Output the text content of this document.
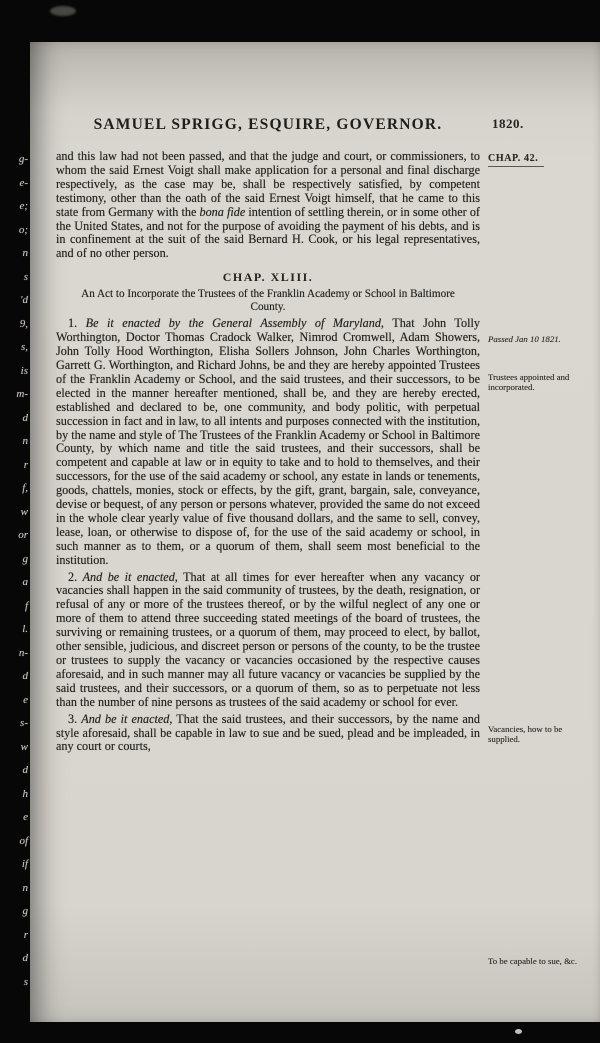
g-
e-
e;
o;
n
s
'd
9,
s,
is
m-
d
n
r
f,
w
or
g
a
f
l.
n-
d
e
s-
w
d
h
e
of
if
n
g
r
d
s
SAMUEL SPRIGG, ESQUIRE, GOVERNOR.	1820.

and this law had not been passed, and that the judge and court, or commissioners, to whom the said Ernest Voigt shall make application for a personal and final discharge respectively, as the case may be, shall be respectively satisfied, by competent testimony, other than the oath of the said Ernest Voigt himself, that he came to this state from Germany with the bona fide intention of settling therein, or in some other of the United States, and not for the purpose of avoiding the payment of his debts, and is in confinement at the suit of the said Bernard H. Cook, or his legal representatives, and of no other person.

CHAP. XLIII.
An Act to Incorporate the Trustees of the Franklin Academy or School in Baltimore County.

1. Be it enacted by the General Assembly of Maryland, That John Tolly Worthington, Doctor Thomas Cradock Walker, Nimrod Cromwell, Adam Showers, John Tolly Hood Worthington, Elisha Sollers Johnson, John Charles Worthington, Garrett G. Worthington, and Richard Johns, be and they are hereby appointed Trustees of the Franklin Academy or School, and the said trustees, and their successors, to be elected in the manner hereafter mentioned, shall be, and they are hereby erected, established and declared to be, one community, and body politic, with perpetual succession in fact and in law, to all intents and purposes connected with the institution, by the name and style of The Trustees of the Franklin Academy or School in Baltimore County, by which name and title the said trustees, and their successors, shall be competent and capable at law or in equity to take and to hold to themselves, and their successors, for the use of the said academy or school, any estate in lands or tenements, goods, chattels, monies, stock or effects, by the gift, grant, bargain, sale, conveyance, devise or bequest, of any person or persons whatever, provided the same do not exceed in the whole clear yearly value of five thousand dollars, and the same to sell, convey, lease, loan, or otherwise to dispose of, for the use of the said academy or school, in such manner as to them, or a quorum of them, shall seem most beneficial to the institution.

2. And be it enacted, That at all times for ever hereafter when any vacancy or vacancies shall happen in the said community of trustees, by the death, resignation, or refusal of any or more of the trustees thereof, or by the wilful neglect of any one or more of them to attend three succeeding stated meetings of the board of trustees, the surviving or remaining trustees, or a quorum of them, may proceed to elect, by ballot, other sensible, judicious, and discreet person or persons of the county, to be the trustee or trustees to supply the vacancy or vacancies occasioned by the respective causes aforesaid, and in such manner may all future vacancy or vacancies be supplied by the said trustees, and their successors, or a quorum of them, so as to perpetuate not less than the number of nine persons as trustees of the said academy or school for ever.

3. And be it enacted, That the said trustees, and their successors, by the name and style aforesaid, shall be capable in law to sue and be sued, plead and be impleaded, in any court or courts,

CHAP. 42.
Passed Jan 10 1821.
Trustees appointed and incorporated.
Vacancies, how to be supplied.
To be capable to sue, &c.
